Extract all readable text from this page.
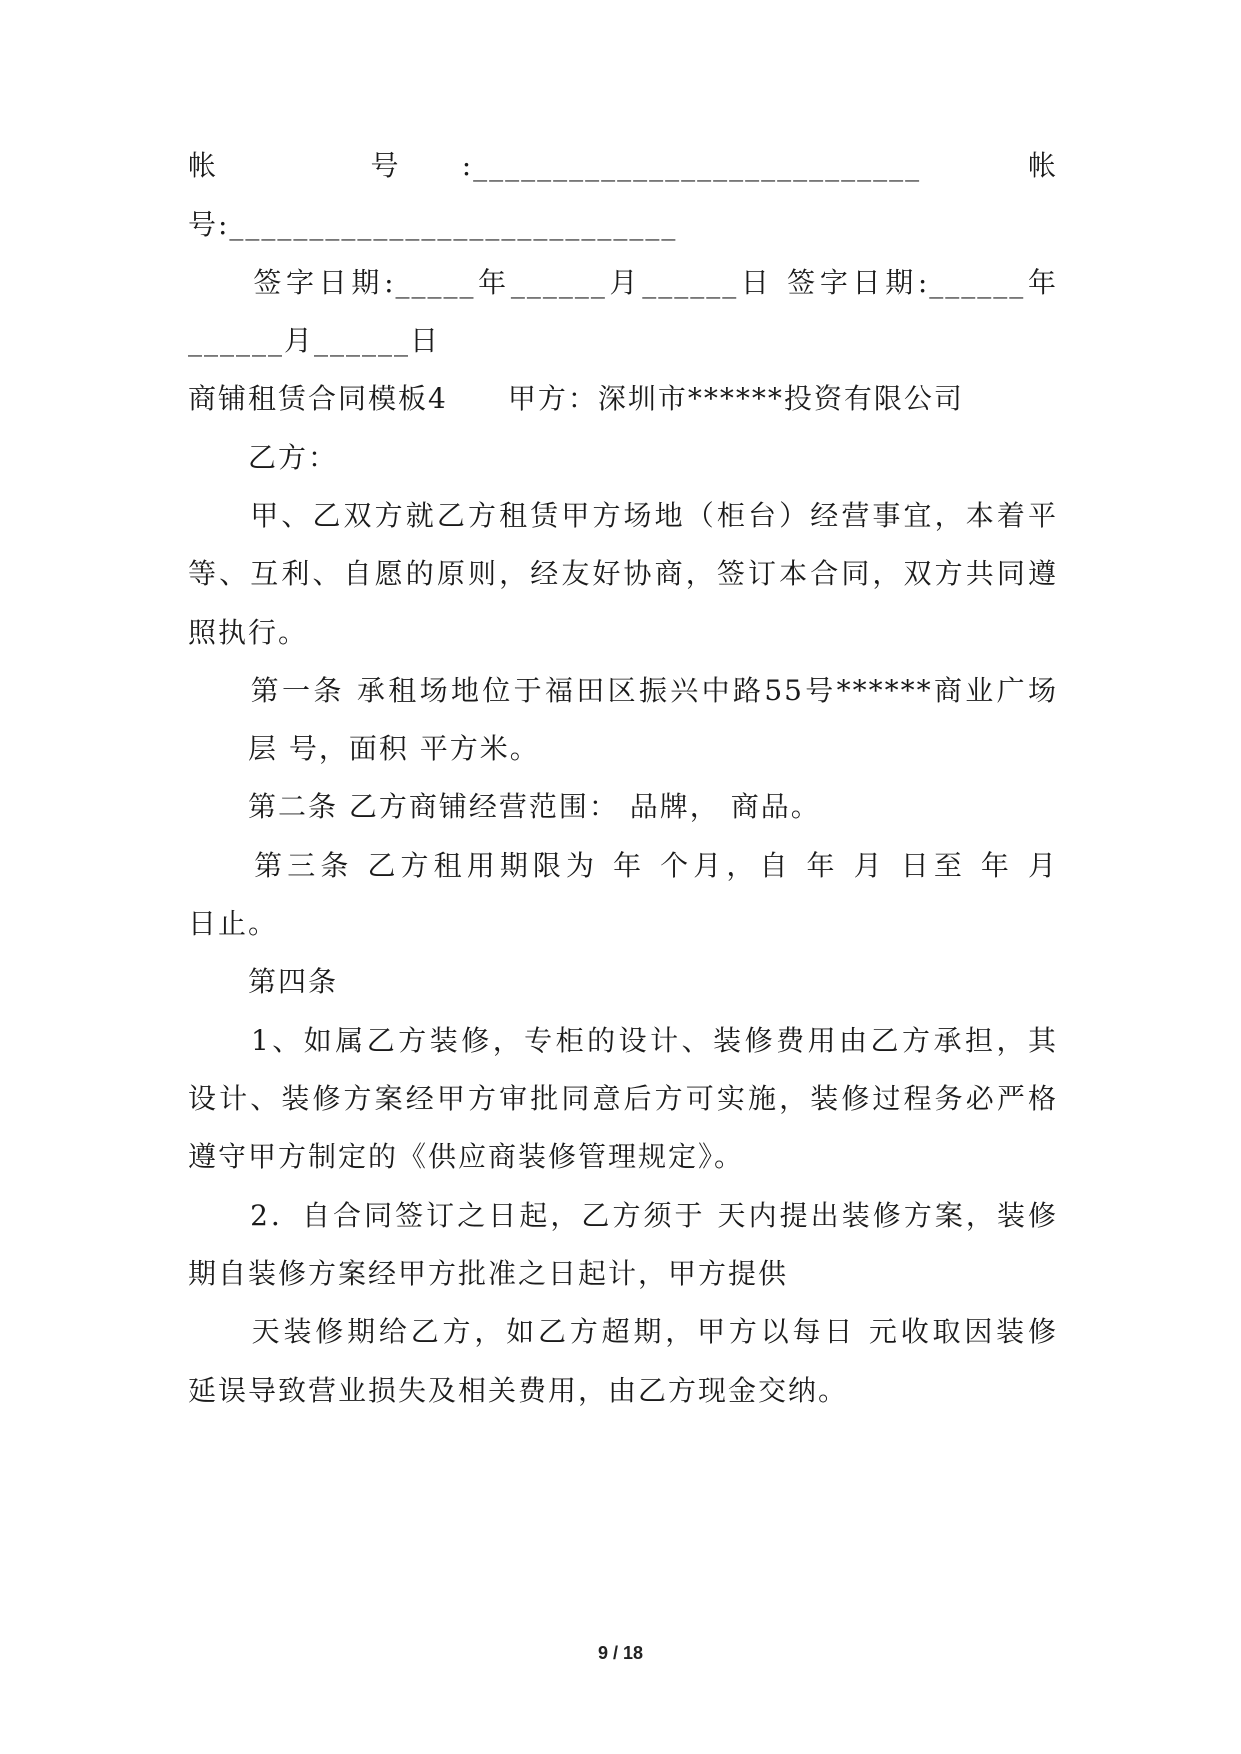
帐　　　号　:____________________________　　帐
号:____________________________
　　签字日期:_____年______月______日 签字日期:______年
______月______日
商铺租赁合同模板4　　甲方：深圳市******投资有限公司
　　乙方：
　　甲、乙双方就乙方租赁甲方场地（柜台）经营事宜，本着平
等、互利、自愿的原则，经友好协商，签订本合同，双方共同遵
照执行。
　　第一条 承租场地位于福田区振兴中路55号******商业广场
　　层 号，面积 平方米。
　　第二条 乙方商铺经营范围： 品牌， 商品。
　　第三条 乙方租用期限为 年 个月，自 年 月 日至 年 月
日止。
　　第四条
　　1、如属乙方装修，专柜的设计、装修费用由乙方承担，其
设计、装修方案经甲方审批同意后方可实施，装修过程务必严格
遵守甲方制定的《供应商装修管理规定》。
　　2．自合同签订之日起，乙方须于 天内提出装修方案，装修
期自装修方案经甲方批准之日起计，甲方提供
　　天装修期给乙方，如乙方超期，甲方以每日 元收取因装修
延误导致营业损失及相关费用，由乙方现金交纳。
9 / 18
